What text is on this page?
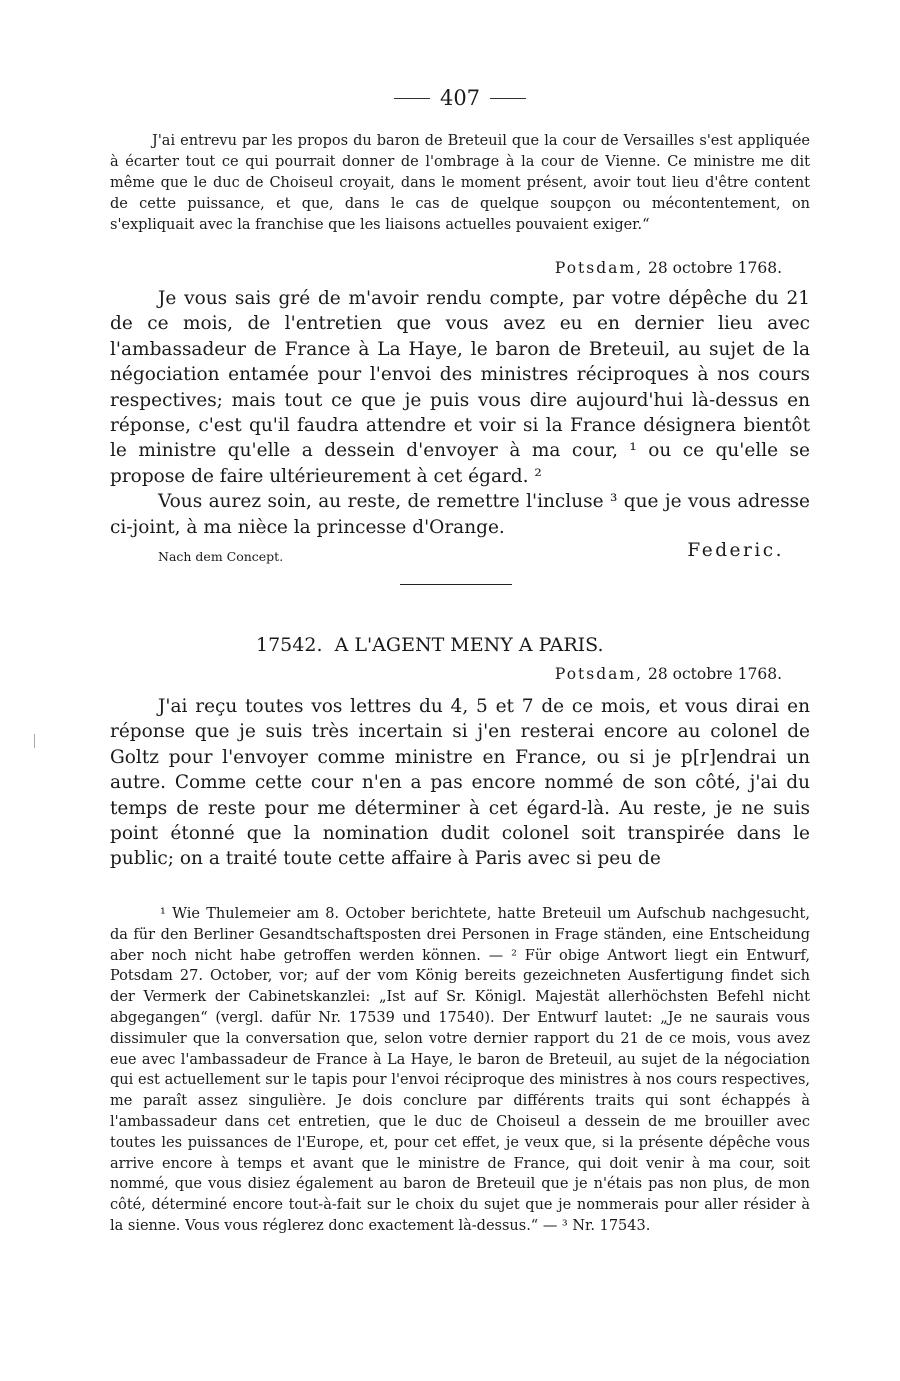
407

J'ai entrevu par les propos du baron de Breteuil que la cour de Versailles s'est appliquée à écarter tout ce qui pourrait donner de l'ombrage à la cour de Vienne. Ce ministre me dit même que le duc de Choiseul croyait, dans le moment présent, avoir tout lieu d'être content de cette puissance, et que, dans le cas de quelque soupçon ou mécontentement, on s'expliquait avec la franchise que les liaisons actuelles pouvaient exiger.“

Potsdam, 28 octobre 1768.

Je vous sais gré de m'avoir rendu compte, par votre dépêche du 21 de ce mois, de l'entretien que vous avez eu en dernier lieu avec l'ambassadeur de France à La Haye, le baron de Breteuil, au sujet de la négociation entamée pour l'envoi des ministres réciproques à nos cours respectives; mais tout ce que je puis vous dire aujourd'hui là-dessus en réponse, c'est qu'il faudra attendre et voir si la France désignera bientôt le ministre qu'elle a dessein d'envoyer à ma cour, ¹ ou ce qu'elle se propose de faire ultérieurement à cet égard. ²

Vous aurez soin, au reste, de remettre l'incluse ³ que je vous adresse ci-joint, à ma nièce la princesse d'Orange.

Nach dem Concept.	Federic.
17542. A L'AGENT MENY A PARIS.
Potsdam, 28 octobre 1768.

J'ai reçu toutes vos lettres du 4, 5 et 7 de ce mois, et vous dirai en réponse que je suis très incertain si j'en resterai encore au colonel de Goltz pour l'envoyer comme ministre en France, ou si je p[r]endrai un autre. Comme cette cour n'en a pas encore nommé de son côté, j'ai du temps de reste pour me déterminer à cet égard-là. Au reste, je ne suis point étonné que la nomination dudit colonel soit transpirée dans le public; on a traité toute cette affaire à Paris avec si peu de

¹ Wie Thulemeier am 8. October berichtete, hatte Breteuil um Aufschub nachgesucht, da für den Berliner Gesandtschaftsposten drei Personen in Frage ständen, eine Entscheidung aber noch nicht habe getroffen werden können. — ² Für obige Antwort liegt ein Entwurf, Potsdam 27. October, vor; auf der vom König bereits gezeichneten Ausfertigung findet sich der Vermerk der Cabinetskanzlei: „Ist auf Sr. Königl. Majestät allerhöchsten Befehl nicht abgegangen“ (vergl. dafür Nr. 17539 und 17540). Der Entwurf lautet: „Je ne saurais vous dissimuler que la conversation que, selon votre dernier rapport du 21 de ce mois, vous avez eue avec l'ambassadeur de France à La Haye, le baron de Breteuil, au sujet de la négociation qui est actuellement sur le tapis pour l'envoi réciproque des ministres à nos cours respectives, me paraît assez singulière. Je dois conclure par différents traits qui sont échappés à l'ambassadeur dans cet entretien, que le duc de Choiseul a dessein de me brouiller avec toutes les puissances de l'Europe, et, pour cet effet, je veux que, si la présente dépêche vous arrive encore à temps et avant que le ministre de France, qui doit venir à ma cour, soit nommé, que vous disiez également au baron de Breteuil que je n'étais pas non plus, de mon côté, déterminé encore tout-à-fait sur le choix du sujet que je nommerais pour aller résider à la sienne. Vous vous réglerez donc exactement là-dessus.“ — ³ Nr. 17543.
